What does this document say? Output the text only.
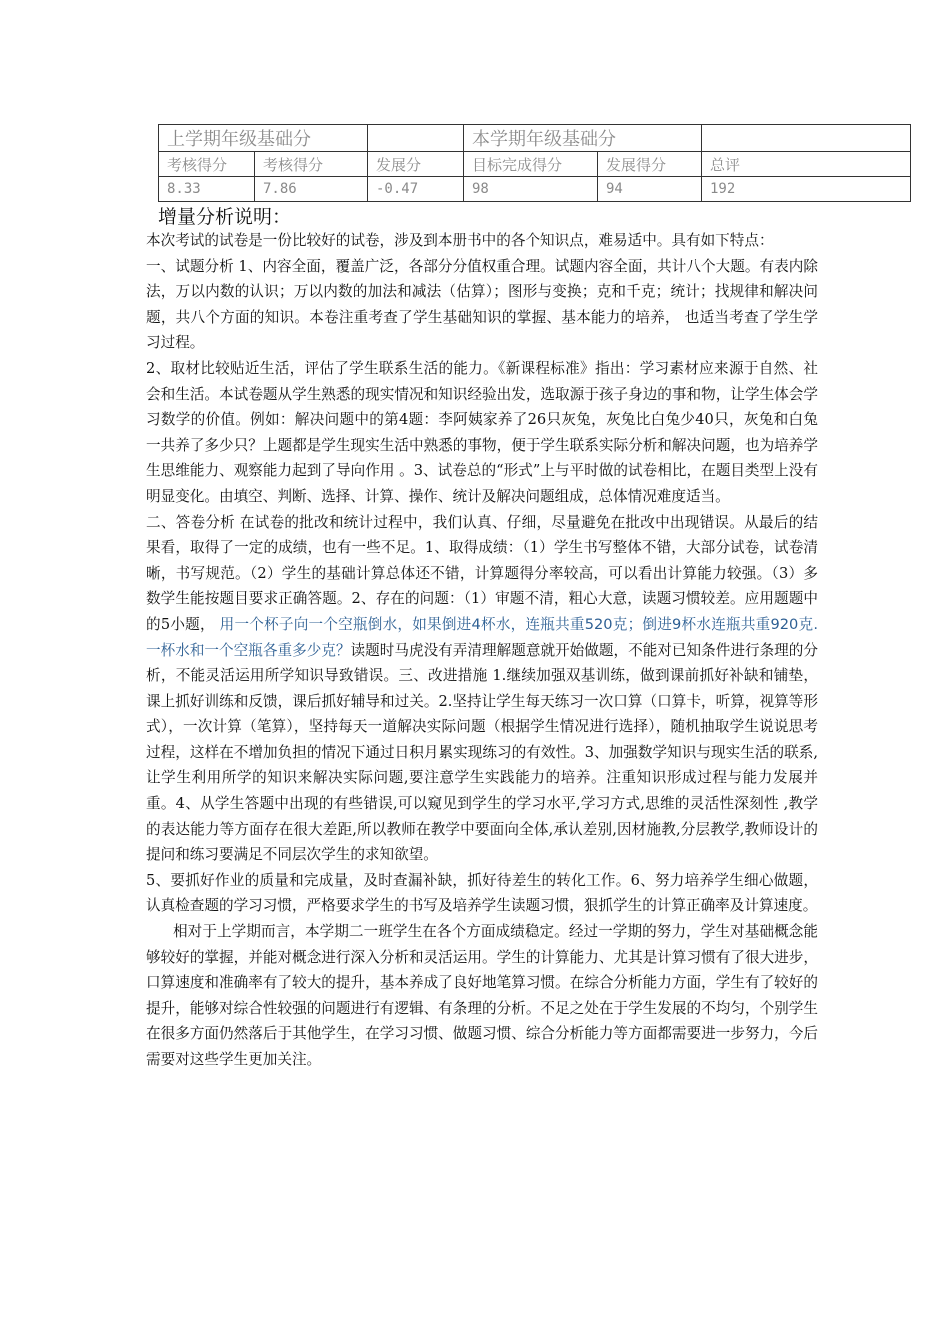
上学期年级基础分			本学期年级基础分		
考核得分	考核得分	发展分	目标完成得分	发展得分	总评
8.33	7.86	-0.47	98	94	192
增量分析说明：

本次考试的试卷是一份比较好的试卷，涉及到本册书中的各个知识点，难易适中。具有如下特点：

一、试题分析 1、内容全面，覆盖广泛，各部分分值权重合理。试题内容全面，共计八个大题。有表内除法，万以内数的认识；万以内数的加法和减法（估算）；图形与变换；克和千克；统计；找规律和解决问题，共八个方面的知识。本卷注重考查了学生基础知识的掌握、基本能力的培养， 也适当考查了学生学习过程。

2、取材比较贴近生活，评估了学生联系生活的能力。《新课程标准》指出：学习素材应来源于自然、社会和生活。本试卷题从学生熟悉的现实情况和知识经验出发，选取源于孩子身边的事和物，让学生体会学习数学的价值。例如：解决问题中的第4题：李阿姨家养了26只灰兔，灰兔比白兔少40只，灰兔和白兔一共养了多少只？上题都是学生现实生活中熟悉的事物，便于学生联系实际分析和解决问题，也为培养学生思维能力、观察能力起到了导向作用 。3、试卷总的“形式”上与平时做的试卷相比，在题目类型上没有明显变化。由填空、判断、选择、计算、操作、统计及解决问题组成，总体情况难度适当。

二、答卷分析 在试卷的批改和统计过程中，我们认真、仔细，尽量避免在批改中出现错误。从最后的结果看，取得了一定的成绩，也有一些不足。1、取得成绩：（1）学生书写整体不错，大部分试卷，试卷清晰，书写规范。（2）学生的基础计算总体还不错，计算题得分率较高，可以看出计算能力较强。（3）多数学生能按题目要求正确答题。2、存在的问题：（1）审题不清，粗心大意，读题习惯较差。应用题题中的5小题， 用一个杯子向一个空瓶倒水，如果倒进4杯水，连瓶共重520克；倒进9杯水连瓶共重920克. 一杯水和一个空瓶各重多少克？读题时马虎没有弄清理解题意就开始做题，不能对已知条件进行条理的分析，不能灵活运用所学知识导致错误。三、改进措施 1.继续加强双基训练，做到课前抓好补缺和铺垫，课上抓好训练和反馈，课后抓好辅导和过关。2.坚持让学生每天练习一次口算（口算卡，听算，视算等形式），一次计算（笔算），坚持每天一道解决实际问题（根据学生情况进行选择），随机抽取学生说说思考过程，这样在不增加负担的情况下通过日积月累实现练习的有效性。3、加强数学知识与现实生活的联系,让学生利用所学的知识来解决实际问题,要注意学生实践能力的培养。注重知识形成过程与能力发展并重。4、从学生答题中出现的有些错误,可以窥见到学生的学习水平,学习方式,思维的灵活性深刻性 ,教学的表达能力等方面存在很大差距,所以教师在教学中要面向全体,承认差别,因材施教,分层教学,教师设计的提问和练习要满足不同层次学生的求知欲望。

5、要抓好作业的质量和完成量，及时查漏补缺，抓好待差生的转化工作。6、努力培养学生细心做题，认真检查题的学习习惯，严格要求学生的书写及培养学生读题习惯，狠抓学生的计算正确率及计算速度。

相对于上学期而言，本学期二一班学生在各个方面成绩稳定。经过一学期的努力，学生对基础概念能够较好的掌握，并能对概念进行深入分析和灵活运用。学生的计算能力、尤其是计算习惯有了很大进步，口算速度和准确率有了较大的提升，基本养成了良好地笔算习惯。在综合分析能力方面，学生有了较好的提升，能够对综合性较强的问题进行有逻辑、有条理的分析。不足之处在于学生发展的不均匀，个别学生在很多方面仍然落后于其他学生，在学习习惯、做题习惯、综合分析能力等方面都需要进一步努力，今后需要对这些学生更加关注。
